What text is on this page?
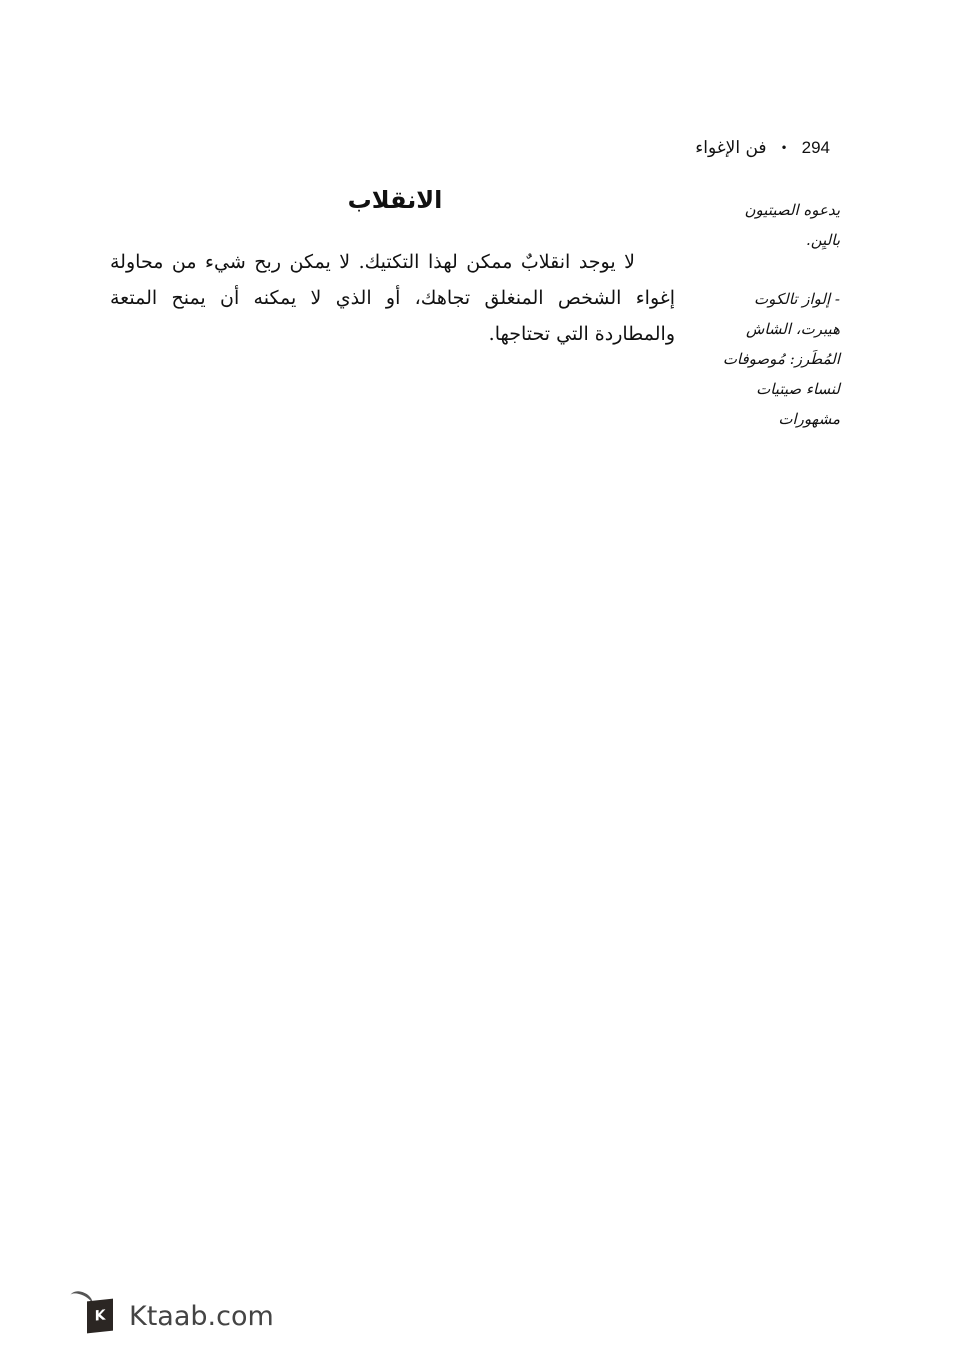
294
•
فن الإغواء
الانقلاب
لا يوجد انقلابٌ ممكن لهذا التكتيك. لا يمكن ربح شيء من محاولة إغواء الشخص المنغلق تجاهك، أو الذي لا يمكنه أن يمنح المتعة والمطاردة التي تحتاجها.
يدعوه الصيتيون باليِن.
- إلواز تالكوت هيبرت، الشاش المُطَرز: مُوصوفات لنساء صيتيات مشهورات
K Ktaab.com
